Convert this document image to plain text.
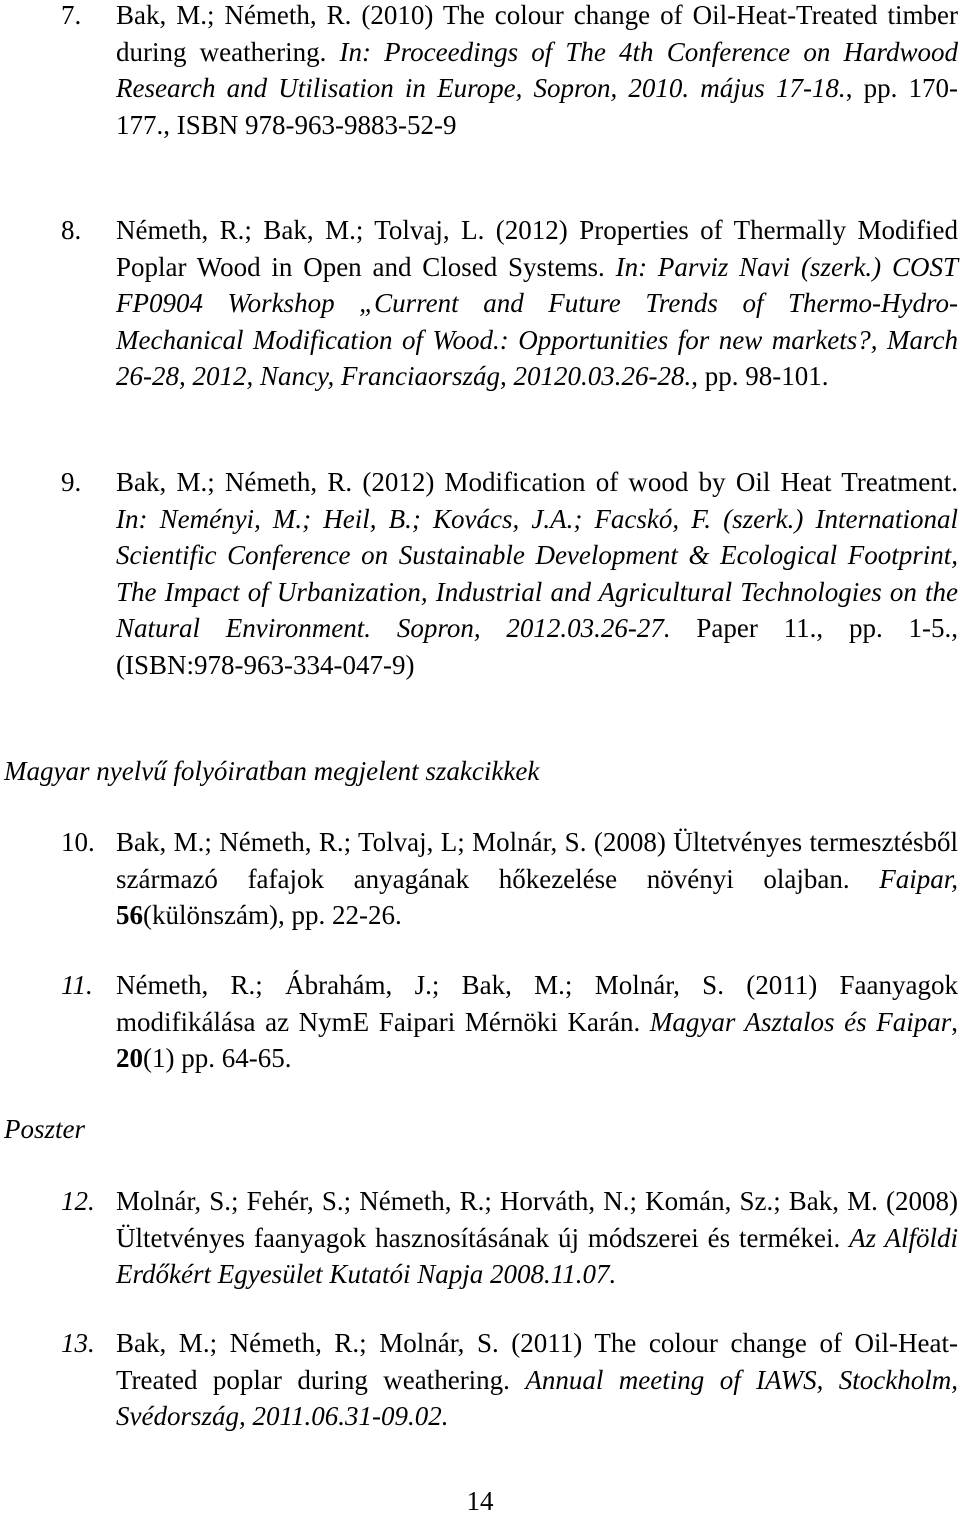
7. Bak, M.; Németh, R. (2010) The colour change of Oil-Heat-Treated timber during weathering. In: Proceedings of The 4th Conference on Hardwood Research and Utilisation in Europe, Sopron, 2010. május 17-18., pp. 170-177., ISBN 978-963-9883-52-9
8. Németh, R.; Bak, M.; Tolvaj, L. (2012) Properties of Thermally Modified Poplar Wood in Open and Closed Systems. In: Parviz Navi (szerk.) COST FP0904 Workshop „Current and Future Trends of Thermo-Hydro-Mechanical Modification of Wood.: Opportunities for new markets?, March 26-28, 2012, Nancy, Franciaország, 20120.03.26-28., pp. 98-101.
9. Bak, M.; Németh, R. (2012) Modification of wood by Oil Heat Treatment. In: Neményi, M.; Heil, B.; Kovács, J.A.; Facskó, F. (szerk.) International Scientific Conference on Sustainable Development & Ecological Footprint, The Impact of Urbanization, Industrial and Agricultural Technologies on the Natural Environment. Sopron, 2012.03.26-27. Paper 11., pp. 1-5., (ISBN:978-963-334-047-9)
Magyar nyelvű folyóiratban megjelent szakcikkek
10. Bak, M.; Németh, R.; Tolvaj, L; Molnár, S. (2008) Ültetvényes termesztésből származó fafajok anyagának hőkezelése növényi olajban. Faipar, 56(különszám), pp. 22-26.
11. Németh, R.; Ábrahám, J.; Bak, M.; Molnár, S. (2011) Faanyagok modifikálása az NymE Faipari Mérnöki Karán. Magyar Asztalos és Faipar, 20(1) pp. 64-65.
Poszter
12. Molnár, S.; Fehér, S.; Németh, R.; Horváth, N.; Komán, Sz.; Bak, M. (2008) Ültetvényes faanyagok hasznosításának új módszerei és termékei. Az Alföldi Erdőkért Egyesület Kutatói Napja 2008.11.07.
13. Bak, M.; Németh, R.; Molnár, S. (2011) The colour change of Oil-Heat-Treated poplar during weathering. Annual meeting of IAWS, Stockholm, Svédország, 2011.06.31-09.02.
14
